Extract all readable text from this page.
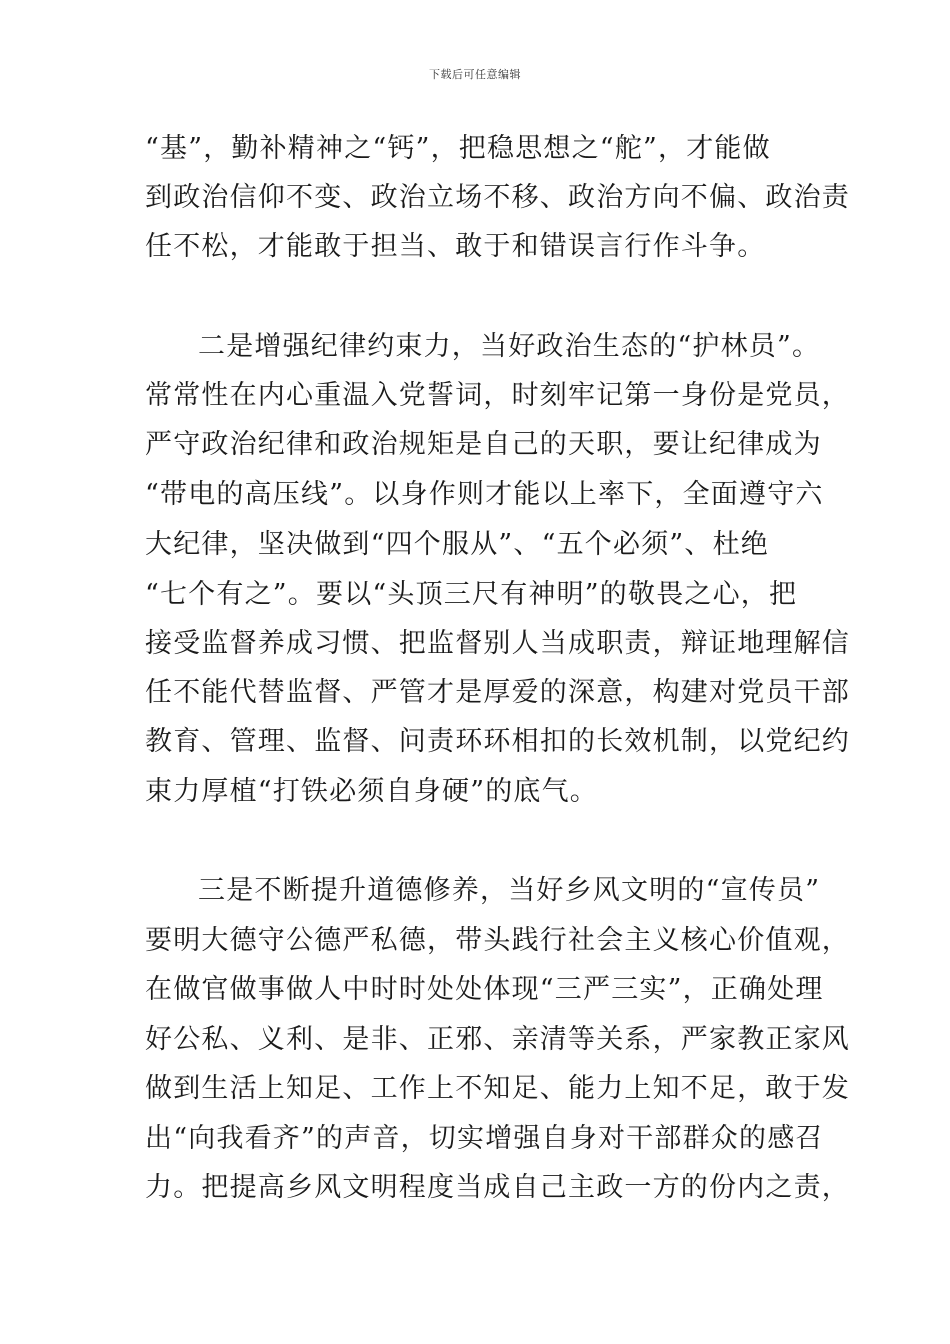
下载后可任意编辑
“基”，勤补精神之“钙”，把稳思想之“舵”，才能做
到政治信仰不变、政治立场不移、政治方向不偏、政治责
任不松，才能敢于担当、敢于和错误言行作斗争。
二是增强纪律约束力，当好政治生态的“护林员”。
常常性在内心重温入党誓词，时刻牢记第一身份是党员，
严守政治纪律和政治规矩是自己的天职，要让纪律成为
“带电的高压线”。以身作则才能以上率下，全面遵守六
大纪律，坚决做到“四个服从”、“五个必须”、杜绝
“七个有之”。要以“头顶三尺有神明”的敬畏之心，把
接受监督养成习惯、把监督别人当成职责，辩证地理解信
任不能代替监督、严管才是厚爱的深意，构建对党员干部
教育、管理、监督、问责环环相扣的长效机制，以党纪约
束力厚植“打铁必须自身硬”的底气。
三是不断提升道德修养，当好乡风文明的“宣传员”
要明大德守公德严私德，带头践行社会主义核心价值观，
在做官做事做人中时时处处体现“三严三实”，正确处理
好公私、义利、是非、正邪、亲清等关系，严家教正家风
做到生活上知足、工作上不知足、能力上知不足，敢于发
出“向我看齐”的声音，切实增强自身对干部群众的感召
力。把提高乡风文明程度当成自己主政一方的份内之责，
